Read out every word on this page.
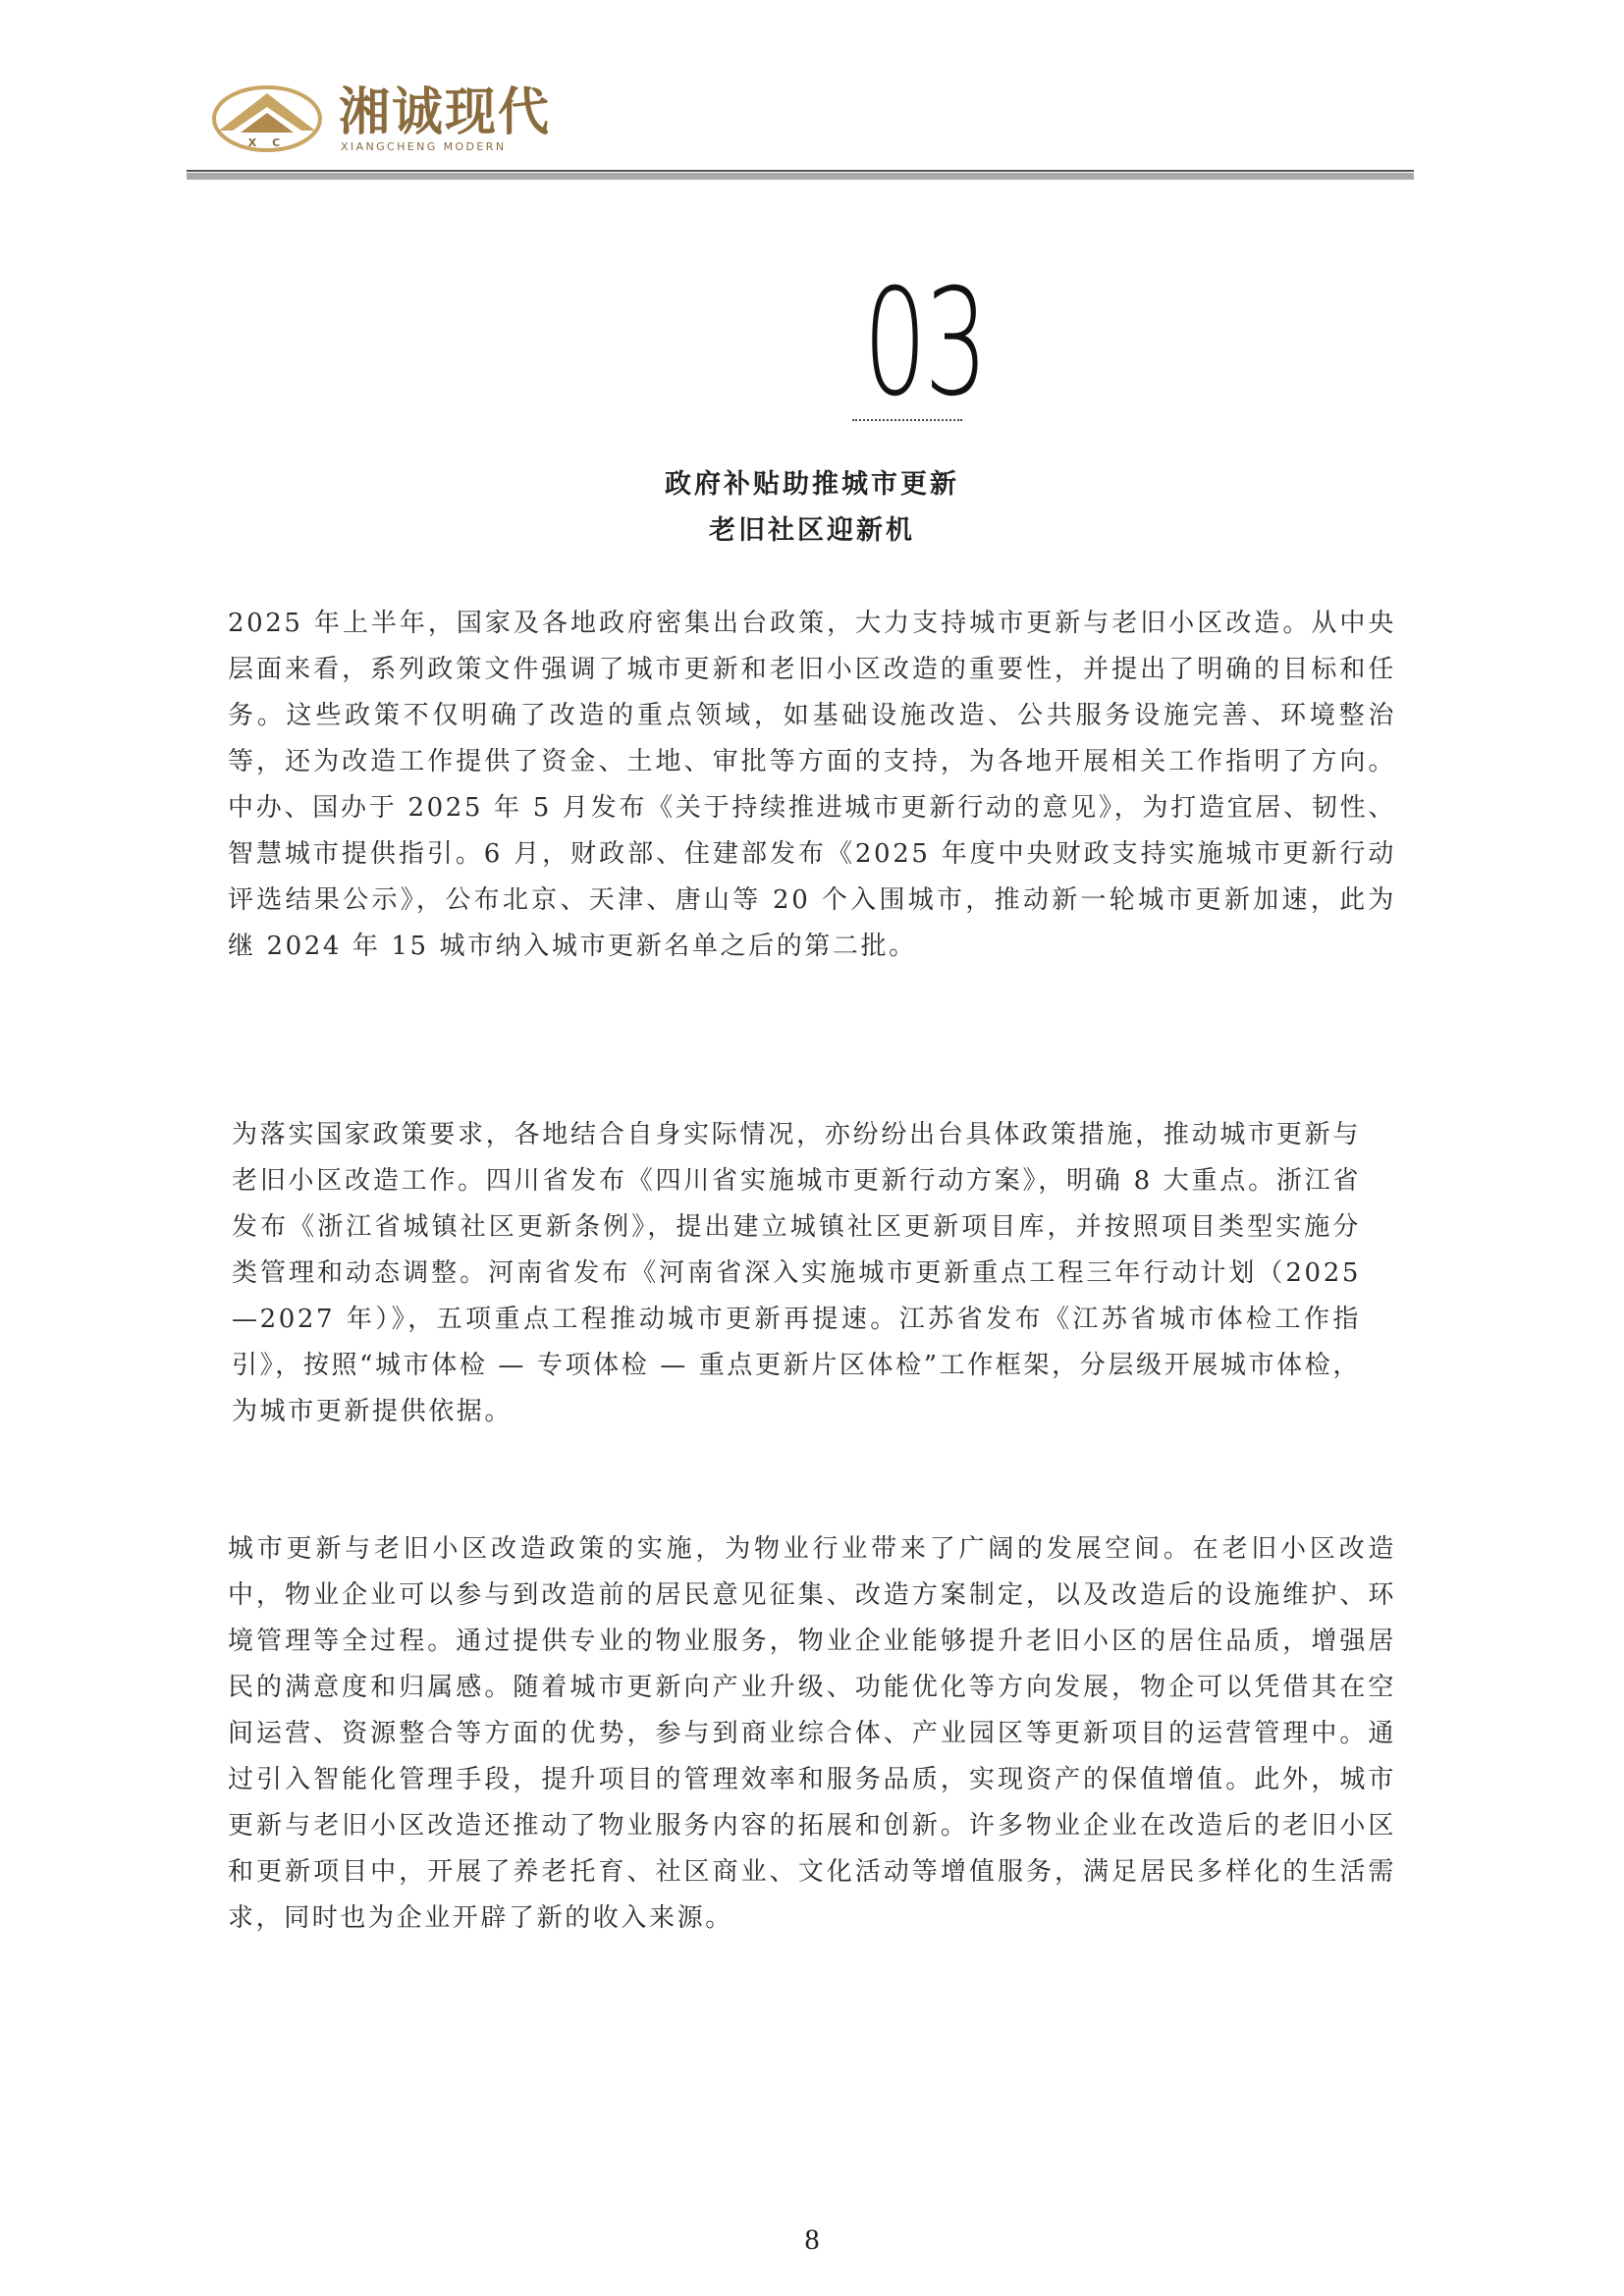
X C
湘诚现代
XIANGCHENG MODERN
03
政府补贴助推城市更新
老旧社区迎新机

2025 年上半年，国家及各地政府密集出台政策，大力支持城市更新与老旧小区改造。从中央层面来看，系列政策文件强调了城市更新和老旧小区改造的重要性，并提出了明确的目标和任务。这些政策不仅明确了改造的重点领域，如基础设施改造、公共服务设施完善、环境整治等，还为改造工作提供了资金、土地、审批等方面的支持，为各地开展相关工作指明了方向。中办、国办于 2025 年 5 月发布《关于持续推进城市更新行动的意见》，为打造宜居、韧性、智慧城市提供指引。6 月，财政部、住建部发布《2025 年度中央财政支持实施城市更新行动评选结果公示》，公布北京、天津、唐山等 20 个入围城市，推动新一轮城市更新加速，此为继 2024 年 15 城市纳入城市更新名单之后的第二批。

为落实国家政策要求，各地结合自身实际情况，亦纷纷出台具体政策措施，推动城市更新与老旧小区改造工作。四川省发布《四川省实施城市更新行动方案》，明确 8 大重点。浙江省发布《浙江省城镇社区更新条例》，提出建立城镇社区更新项目库，并按照项目类型实施分类管理和动态调整。河南省发布《河南省深入实施城市更新重点工程三年行动计划（2025—2027 年）》，五项重点工程推动城市更新再提速。江苏省发布《江苏省城市体检工作指引》，按照“城市体检 — 专项体检 — 重点更新片区体检”工作框架，分层级开展城市体检，为城市更新提供依据。

城市更新与老旧小区改造政策的实施，为物业行业带来了广阔的发展空间。在老旧小区改造中，物业企业可以参与到改造前的居民意见征集、改造方案制定，以及改造后的设施维护、环境管理等全过程。通过提供专业的物业服务，物业企业能够提升老旧小区的居住品质，增强居民的满意度和归属感。随着城市更新向产业升级、功能优化等方向发展，物企可以凭借其在空间运营、资源整合等方面的优势，参与到商业综合体、产业园区等更新项目的运营管理中。通过引入智能化管理手段，提升项目的管理效率和服务品质，实现资产的保值增值。此外，城市更新与老旧小区改造还推动了物业服务内容的拓展和创新。许多物业企业在改造后的老旧小区和更新项目中，开展了养老托育、社区商业、文化活动等增值服务，满足居民多样化的生活需求，同时也为企业开辟了新的收入来源。

8
